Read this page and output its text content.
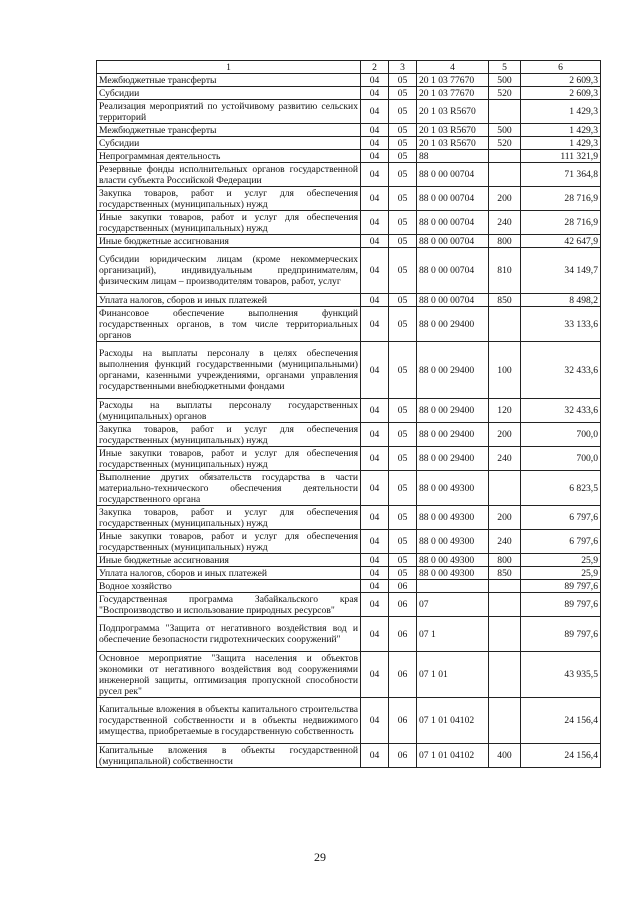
1	2	3	4	5	6
Межбюджетные трансферты	04	05	20 1 03 77670	500	2 609,3
Субсидии	04	05	20 1 03 77670	520	2 609,3
Реализация мероприятий по устойчивому развитию сельских территорий	04	05	20 1 03 R5670		1 429,3
Межбюджетные трансферты	04	05	20 1 03 R5670	500	1 429,3
Субсидии	04	05	20 1 03 R5670	520	1 429,3
Непрограммная деятельность	04	05	88		111 321,9
Резервные фонды исполнительных органов государственной власти субъекта Российской Федерации	04	05	88 0 00 00704		71 364,8
Закупка товаров, работ и услуг для обеспечения государственных (муниципальных) нужд	04	05	88 0 00 00704	200	28 716,9
Иные закупки товаров, работ и услуг для обеспечения государственных (муниципальных) нужд	04	05	88 0 00 00704	240	28 716,9
Иные бюджетные ассигнования	04	05	88 0 00 00704	800	42 647,9
Субсидии юридическим лицам (кроме некоммерческих организаций), индивидуальным предпринимателям, физическим лицам – производителям товаров, работ, услуг	04	05	88 0 00 00704	810	34 149,7
Уплата налогов, сборов и иных платежей	04	05	88 0 00 00704	850	8 498,2
Финансовое обеспечение выполнения функций государственных органов, в том числе территориальных органов	04	05	88 0 00 29400		33 133,6
Расходы на выплаты персоналу в целях обеспечения выполнения функций государственными (муниципальными) органами, казенными учреждениями, органами управления государственными внебюджетными фондами	04	05	88 0 00 29400	100	32 433,6
Расходы на выплаты персоналу государственных (муниципальных) органов	04	05	88 0 00 29400	120	32 433,6
Закупка товаров, работ и услуг для обеспечения государственных (муниципальных) нужд	04	05	88 0 00 29400	200	700,0
Иные закупки товаров, работ и услуг для обеспечения государственных (муниципальных) нужд	04	05	88 0 00 29400	240	700,0
Выполнение других обязательств государства в части материально-технического обеспечения деятельности государственного органа	04	05	88 0 00 49300		6 823,5
Закупка товаров, работ и услуг для обеспечения государственных (муниципальных) нужд	04	05	88 0 00 49300	200	6 797,6
Иные закупки товаров, работ и услуг для обеспечения государственных (муниципальных) нужд	04	05	88 0 00 49300	240	6 797,6
Иные бюджетные ассигнования	04	05	88 0 00 49300	800	25,9
Уплата налогов, сборов и иных платежей	04	05	88 0 00 49300	850	25,9
Водное хозяйство	04	06			89 797,6
Государственная программа Забайкальского края "Воспроизводство и использование природных ресурсов"	04	06	07		89 797,6
Подпрограмма "Защита от негативного воздействия вод и обеспечение безопасности гидротехнических сооружений"	04	06	07 1		89 797,6
Основное мероприятие "Защита населения и объектов экономики от негативного воздействия вод сооружениями инженерной защиты, оптимизация пропускной способности русел рек"	04	06	07 1 01		43 935,5
Капитальные вложения в объекты капитального строительства государственной собственности и в объекты недвижимого имущества, приобретаемые в государственную собственность	04	06	07 1 01 04102		24 156,4
Капитальные вложения в объекты государственной (муниципальной) собственности	04	06	07 1 01 04102	400	24 156,4
29
